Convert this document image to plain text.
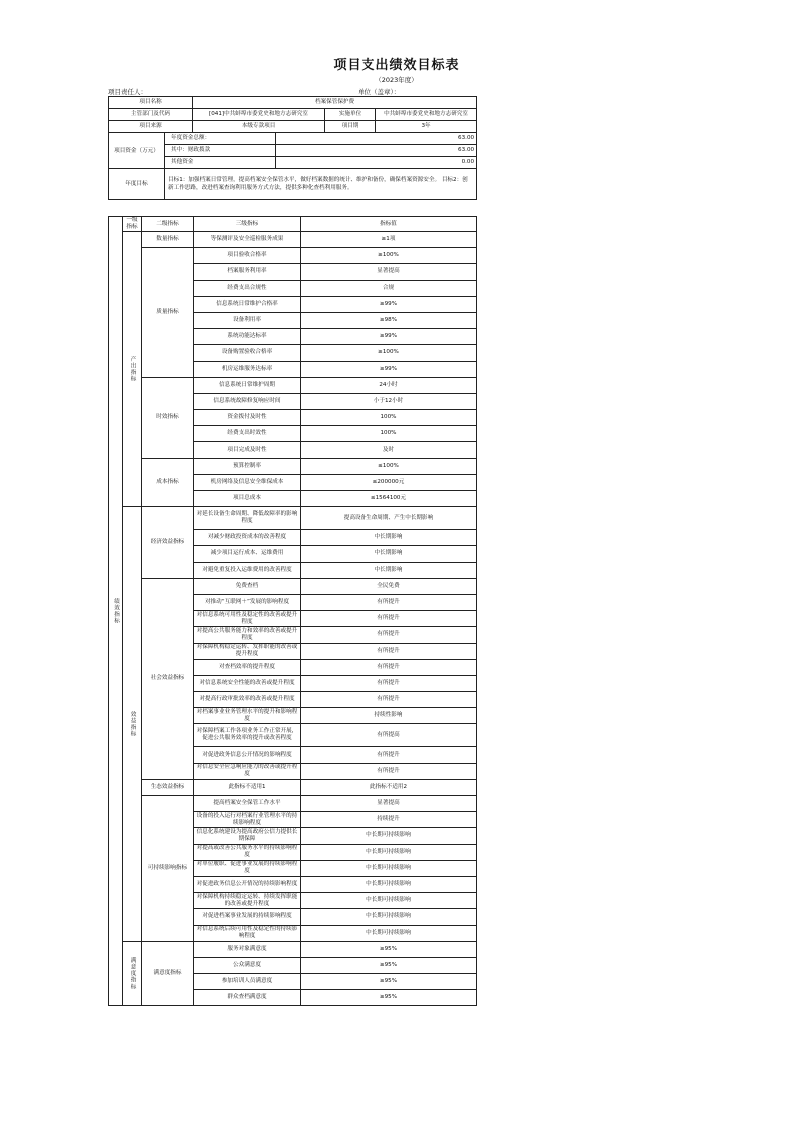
项目支出绩效目标表
（2023年度）
项目责任人：	单位（盖章）：
项目名称		档案保管保护费			
主管部门及代码		[041]中共蚌埠市委党史和地方志研究室		实施单位	中共蚌埠市委党史和地方志研究室
项目来源		本级专款项目		项目期	3年
项目资金（万元）	年度资金总额：		63.00		
	其中：财政拨款		63.00		
	其他资金		0.00		
年度目标	目标1：加强档案日常管理，提高档案安全保管水平，做好档案数据的统计、维护和备份，确保档案资源安全。 目标2：创新工作思路，改进档案查询利用服务方式方法，提供多种化查档利用服务。				
绩效指标	一级指标	二级指标	三级指标	指标值
	产出指标	数量指标	等保测评及安全巡检服务成果	≥1项
		质量指标	项目验收合格率	≥100%
			档案服务利用率	显著提高
			经费支出合规性	合规
			信息系统日常维护合格率	≥99%
			设备利用率	≥98%
			系统功能达标率	≥99%
			设备购置验收合格率	≥100%
			机房运维服务达标率	≥99%
		时效指标	信息系统日常维护周期	24小时
			信息系统故障修复响应时间	小于12小时
			资金拨付及时性	100%
			经费支出时效性	100%
			项目完成及时性	及时
		成本指标	预算控制率	≤100%
			机房网络及信息安全维保成本	≤200000元
			项目总成本	≤1564100元
	效益指标	经济效益指标	对延长设备生命周期、降低故障率的影响程度	提高设备生命周期、产生中长期影响
			对减少财政投资成本的改善程度	中长期影响
			减少项目运行成本、运维费用	中长期影响
			对避免重复投入运维费用的改善程度	中长期影响
		社会效益指标	免费查档	全民免费
			对推动“互联网＋”发展的影响程度	有所提升
			对信息系统可用性及稳定性的改善或提升程度	有所提升
			对提高公共服务能力和效率的改善或提升程度	有所提升
			对保障机构稳定运转、发挥职能的改善或提升程度	有所提升
			对查档效率的提升程度	有所提升
			对信息系统安全性能的改善或提升程度	有所提升
			对提高行政审批效率的改善或提升程度	有所提升
			对档案事业业务管理水平的提升和影响程度	持续性影响
			对保障档案工作各项业务工作正常开展，促进公共服务效率的提升或改善程度	有所提高
			对促进政务信息公开情况的影响程度	有所提升
			对信息安全应急响应能力的改善或提升程度	有所提升
		生态效益指标	此指标不适用1	此指标不适用2
		可持续影响指标	提高档案安全保管工作水平	显著提高
			设备的投入运行对档案行业管理水平的持续影响程度	持续提升
			信息化系统建设为提高政府公信力提供长期保障	中长期可持续影响
			对提高或改善公共服务水平的持续影响程度	中长期可持续影响
			对单位履职、促进事业发展的持续影响程度	中长期可持续影响
			对促进政务信息公开情况的持续影响程度	中长期可持续影响
			对保障机构持续稳定运转、持续发挥职能的改善或提升程度	中长期可持续影响
			对促进档案事业发展的持续影响程度	中长期可持续影响
			对信息系统后续可用性及稳定性的持续影响程度	中长期可持续影响
	满意度指标	满意度指标	服务对象满意度	≥95%
			公众满意度	≥95%
			参加培训人员满意度	≥95%
			群众查档满意度	≥95%
